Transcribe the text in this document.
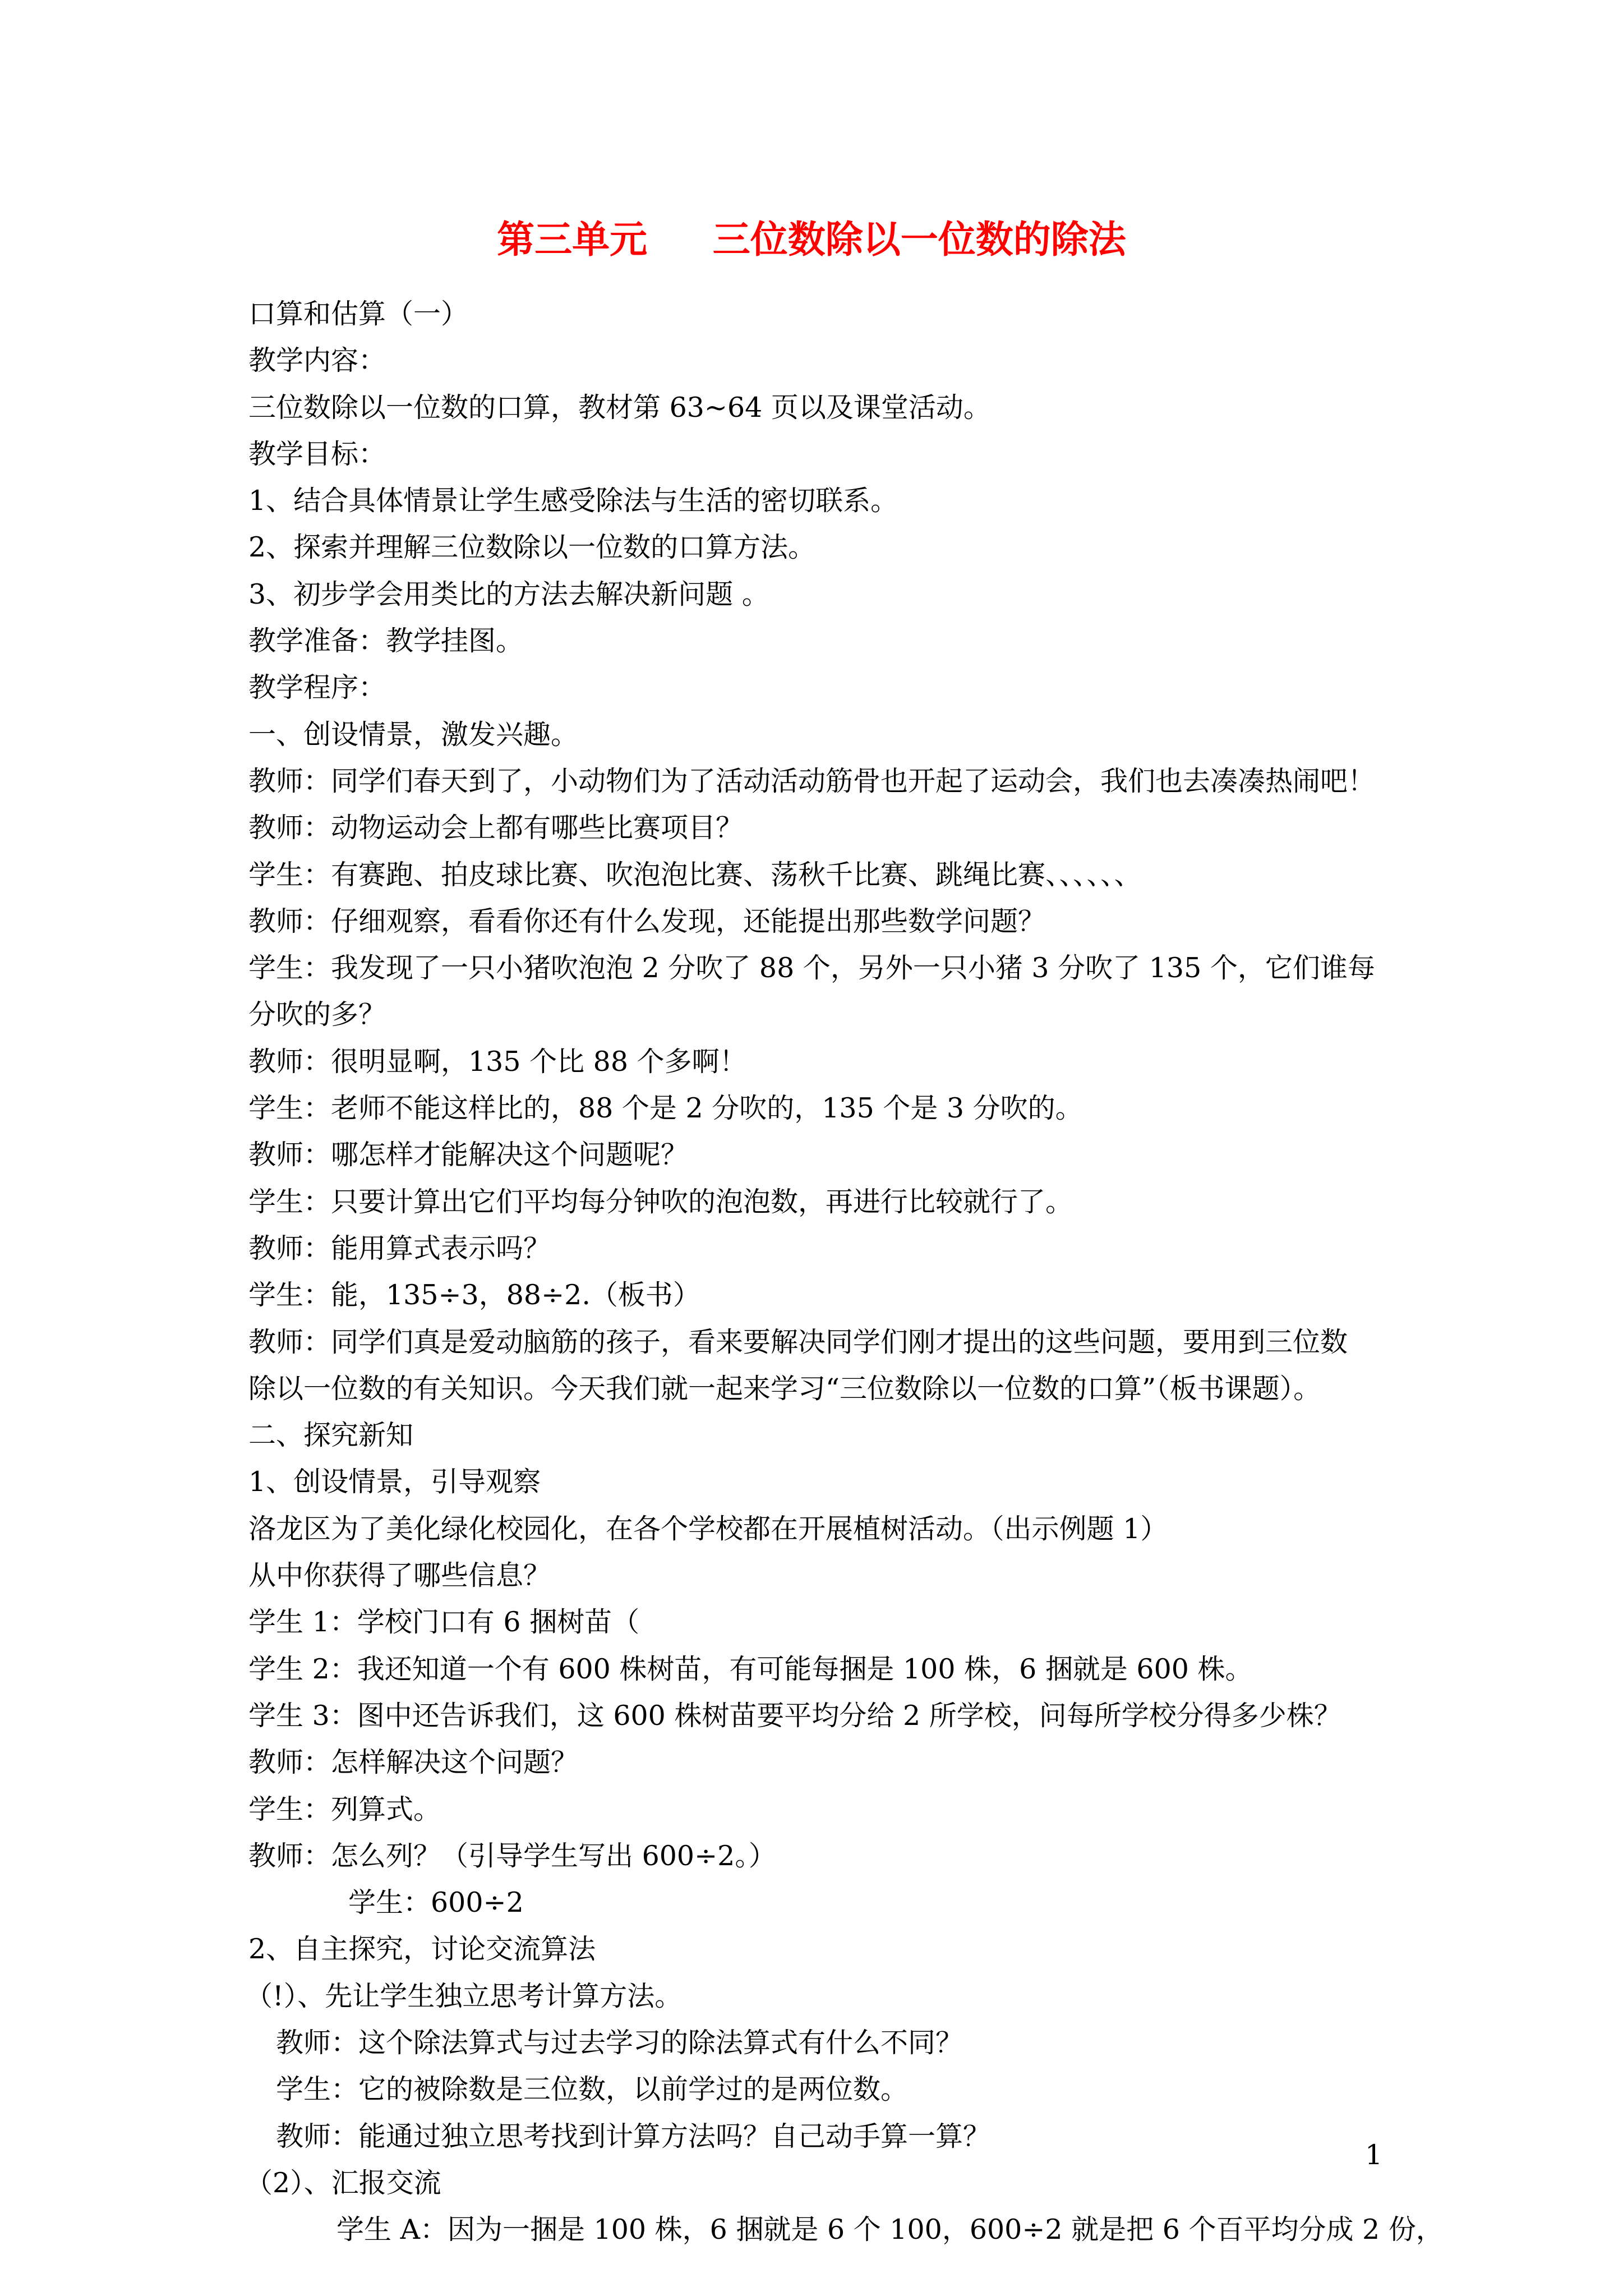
第三单元     三位数除以一位数的除法
口算和估算（一）
教学内容：
三位数除以一位数的口算，教材第 63~64 页以及课堂活动。
教学目标：
1、结合具体情景让学生感受除法与生活的密切联系。
2、探索并理解三位数除以一位数的口算方法。
3、初步学会用类比的方法去解决新问题 。
教学准备：教学挂图。
教学程序：
一、创设情景，激发兴趣。
教师：同学们春天到了，小动物们为了活动活动筋骨也开起了运动会，我们也去凑凑热闹吧！
教师：动物运动会上都有哪些比赛项目？
学生：有赛跑、拍皮球比赛、吹泡泡比赛、荡秋千比赛、跳绳比赛、、、、、、
教师：仔细观察，看看你还有什么发现，还能提出那些数学问题？
学生：我发现了一只小猪吹泡泡 2 分吹了 88 个，另外一只小猪 3 分吹了 135 个，它们谁每
分吹的多？
教师：很明显啊，135 个比 88 个多啊！
学生：老师不能这样比的，88 个是 2 分吹的，135 个是 3 分吹的。
教师：哪怎样才能解决这个问题呢？
学生：只要计算出它们平均每分钟吹的泡泡数，再进行比较就行了。
教师：能用算式表示吗？
学生：能，135÷3，88÷2.（板书）
教师：同学们真是爱动脑筋的孩子，看来要解决同学们刚才提出的这些问题，要用到三位数
除以一位数的有关知识。今天我们就一起来学习“三位数除以一位数的口算”（板书课题）。
二、探究新知
1、创设情景，引导观察
洛龙区为了美化绿化校园化，在各个学校都在开展植树活动。（出示例题 1）
从中你获得了哪些信息？
学生 1：学校门口有 6 捆树苗（
学生 2：我还知道一个有 600 株树苗，有可能每捆是 100 株，6 捆就是 600 株。
学生 3：图中还告诉我们，这 600 株树苗要平均分给 2 所学校，问每所学校分得多少株？
教师：怎样解决这个问题？
学生：列算式。
教师：怎么列？（引导学生写出 600÷2。）
学生：600÷2
2、自主探究，讨论交流算法
（!）、先让学生独立思考计算方法。
教师：这个除法算式与过去学习的除法算式有什么不同？
学生：它的被除数是三位数，以前学过的是两位数。
教师：能通过独立思考找到计算方法吗？自己动手算一算？
（2）、汇报交流
学生 A：因为一捆是 100 株，6 捆就是 6 个 100，600÷2 就是把 6 个百平均分成 2 份，
1
